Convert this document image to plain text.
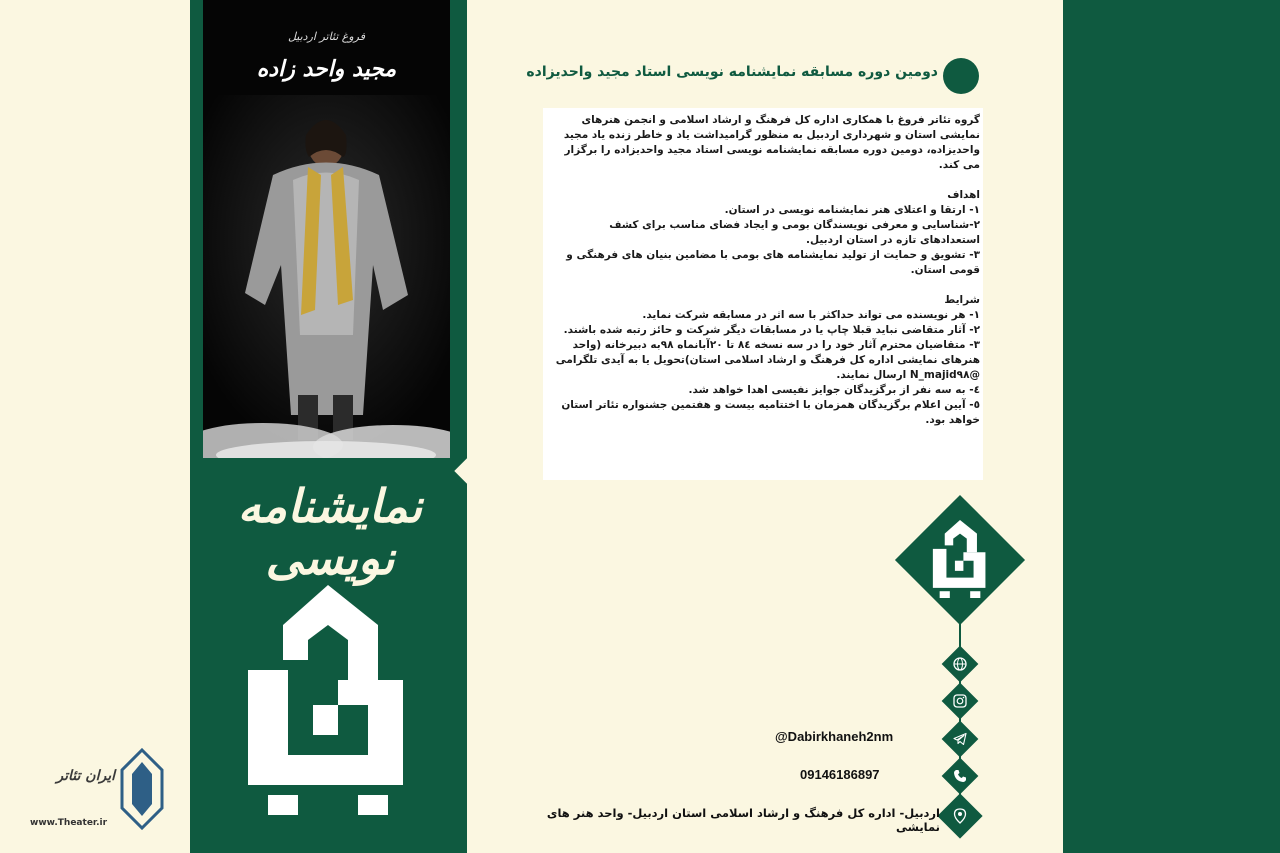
فروغ تئاتر اردبیل
مجید واحد زاده
نمایشنامه نویسی
ایران تئاتر
www.Theater.ir
دومین دوره مسابقه نمایشنامه نویسی استاد مجید واحدیزاده

گروه تئاتر فروغ با همکاری اداره کل فرهنگ و ارشاد اسلامی و انجمن هنرهای نمایشی استان و شهرداری اردبیل به منظور گرامیداشت یاد و خاطر زنده یاد مجید واحدیزاده، دومین دوره مسابقه نمایشنامه نویسی استاد مجید واحدیزاده را برگزار می کند.

اهداف

۱- ارتقا و اعتلای هنر نمایشنامه نویسی در استان.

۲-شناسایی و معرفی نویسندگان بومی و ایجاد فضای مناسب برای کشف استعدادهای تازه در استان اردبیل.

۳- تشویق و حمایت از تولید نمایشنامه های بومی با مضامین بنیان های فرهنگی و قومی استان.

شرایط

۱- هر نویسنده می تواند حداکثر با سه اثر در مسابقه شرکت نماید.

۲- آثار متقاضی نباید قبلا چاپ یا در مسابقات دیگر شرکت و حائز رتبه شده باشند.

۳- متقاضیان محترم آثار خود را در سه نسخه ۸٤ تا ۲۰آبانماه ۹۸به دبیرخانه (واحد هنرهای نمایشی اداره کل فرهنگ و ارشاد اسلامی استان)تحویل یا به آیدی تلگرامی @N_majid۹۸ ارسال نمایند.

٤- به سه نفر از برگزیدگان جوایز نفیسی اهدا خواهد شد.

٥- آیین اعلام برگزیدگان همزمان با اختتامیه بیست و هفتمین جشنواره تئاتر استان خواهد بود.

@Dabirkhaneh2nm
09146186897
اردبیل- اداره کل فرهنگ و ارشاد اسلامی استان اردبیل- واحد هنر های نمایشی
